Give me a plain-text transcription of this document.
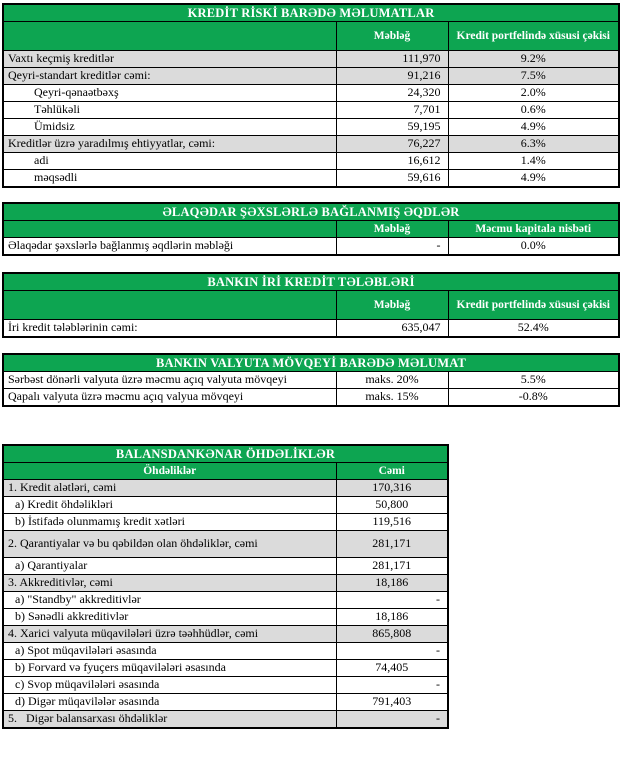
KREDİT RİSKİ BARƏDƏ MƏLUMATLAR		
	Məbləğ	Kredit portfelində xüsusi çəkisi
Vaxtı keçmiş kreditlər	111,970	9.2%
Qeyri-standart kreditlər cəmi:	91,216	7.5%
Qeyri-qənaətbəxş	24,320	2.0%
Təhlükəli	7,701	0.6%
Ümidsiz	59,195	4.9%
Kreditlər üzrə yaradılmış ehtiyyatlar, cəmi:	76,227	6.3%
adi	16,612	1.4%
məqsədli	59,616	4.9%
ƏLAQƏDAR ŞƏXSLƏRLƏ BAĞLANMIŞ ƏQDLƏR		
	Məbləğ	Məcmu kapitala nisbəti
Əlaqədar şəxslərlə bağlanmış əqdlərin məbləği	-	0.0%
BANKIN İRİ KREDİT TƏLƏBLƏRİ		
	Məbləğ	Kredit portfelində xüsusi çəkisi
İri kredit tələblərinin cəmi:	635,047	52.4%
BANKIN VALYUTA MÖVQEYİ BARƏDƏ MƏLUMAT		
Sərbəst dönərli valyuta üzrə məcmu açıq valyuta mövqeyi	maks. 20%	5.5%
Qapalı valyuta üzrə məcmu açıq valyua mövqeyi	maks. 15%	-0.8%
BALANSDANKƏNAR ÖHDƏLİKLƏR	
Öhdəliklər	Cəmi
1. Kredit alətləri, cəmi	170,316
a) Kredit öhdəlikləri	50,800
b) İstifadə olunmamış kredit xətləri	119,516
2. Qarantiyalar və bu qəbildən olan öhdəliklər, cəmi	281,171
a) Qarantiyalar	281,171
3. Akkreditivlər, cəmi	18,186
a) "Standby" akkreditivlər	-
b) Sənədli akkreditivlər	18,186
4. Xarici valyuta müqavilələri üzrə təəhhüdlər, cəmi	865,808
a) Spot müqavilələri əsasında	-
b) Forvard və fyuçers müqavilələri əsasında	74,405
c) Svop müqavilələri əsasında	-
d) Digər müqavilələr əsasında	791,403
5.   Digər balansarxası öhdəliklər	-
